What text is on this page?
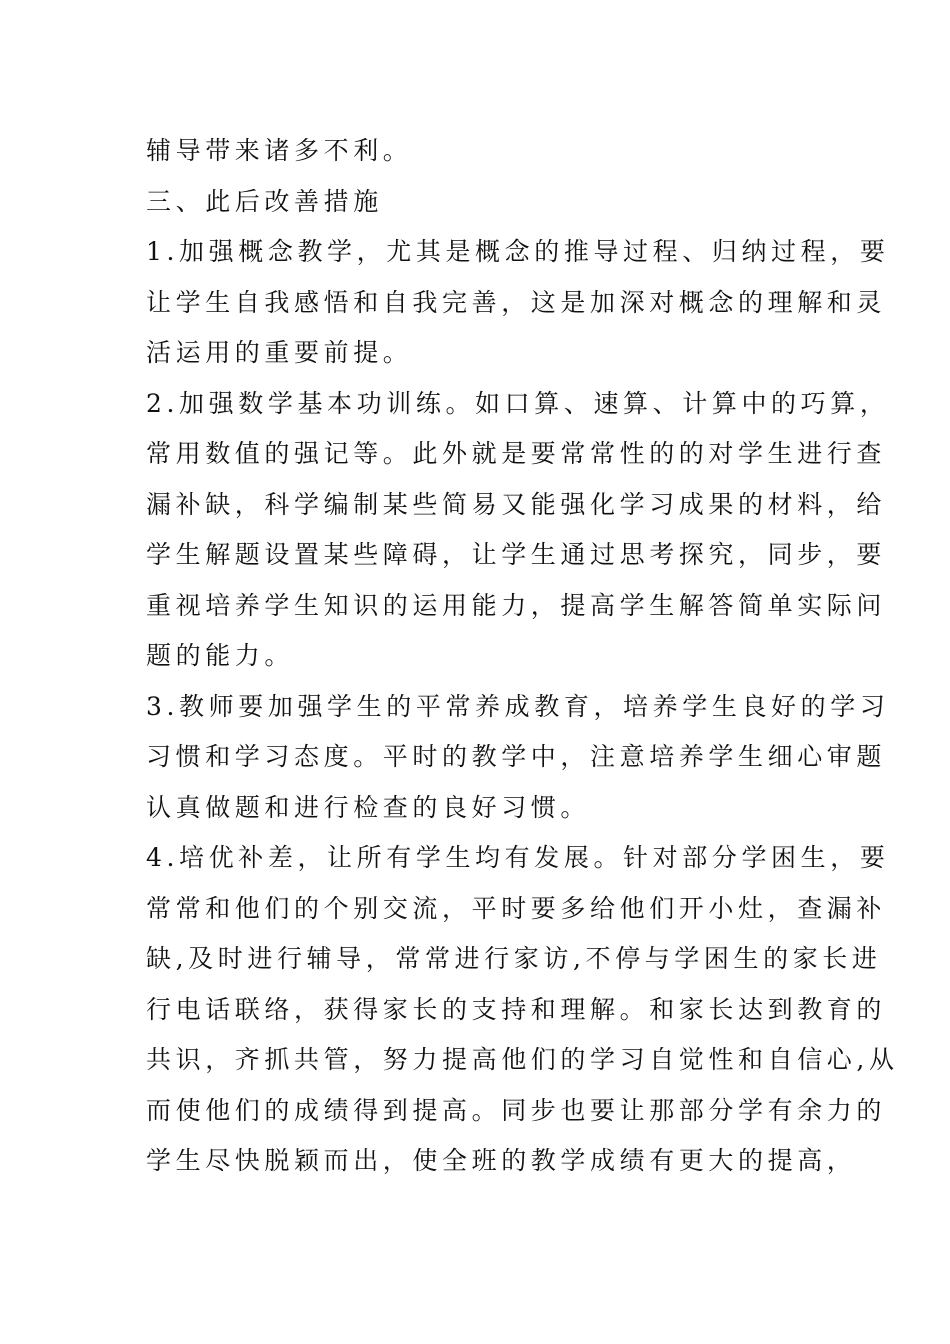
辅导带来诸多不利。

三、此后改善措施

1.加强概念教学，尤其是概念的推导过程、归纳过程，要
让学生自我感悟和自我完善，这是加深对概念的理解和灵
活运用的重要前提。

2.加强数学基本功训练。如口算、速算、计算中的巧算，
常用数值的强记等。此外就是要常常性的的对学生进行查
漏补缺，科学编制某些简易又能强化学习成果的材料，给
学生解题设置某些障碍，让学生通过思考探究，同步，要
重视培养学生知识的运用能力，提高学生解答简单实际问
题的能力。

3.教师要加强学生的平常养成教育，培养学生良好的学习
习惯和学习态度。平时的教学中，注意培养学生细心审题
认真做题和进行检查的良好习惯。

4.培优补差，让所有学生均有发展。针对部分学困生，要
常常和他们的个别交流，平时要多给他们开小灶，查漏补
缺,及时进行辅导，常常进行家访,不停与学困生的家长进
行电话联络，获得家长的支持和理解。和家长达到教育的
共识，齐抓共管，努力提高他们的学习自觉性和自信心,从
而使他们的成绩得到提高。同步也要让那部分学有余力的
学生尽快脱颖而出，使全班的教学成绩有更大的提高，
